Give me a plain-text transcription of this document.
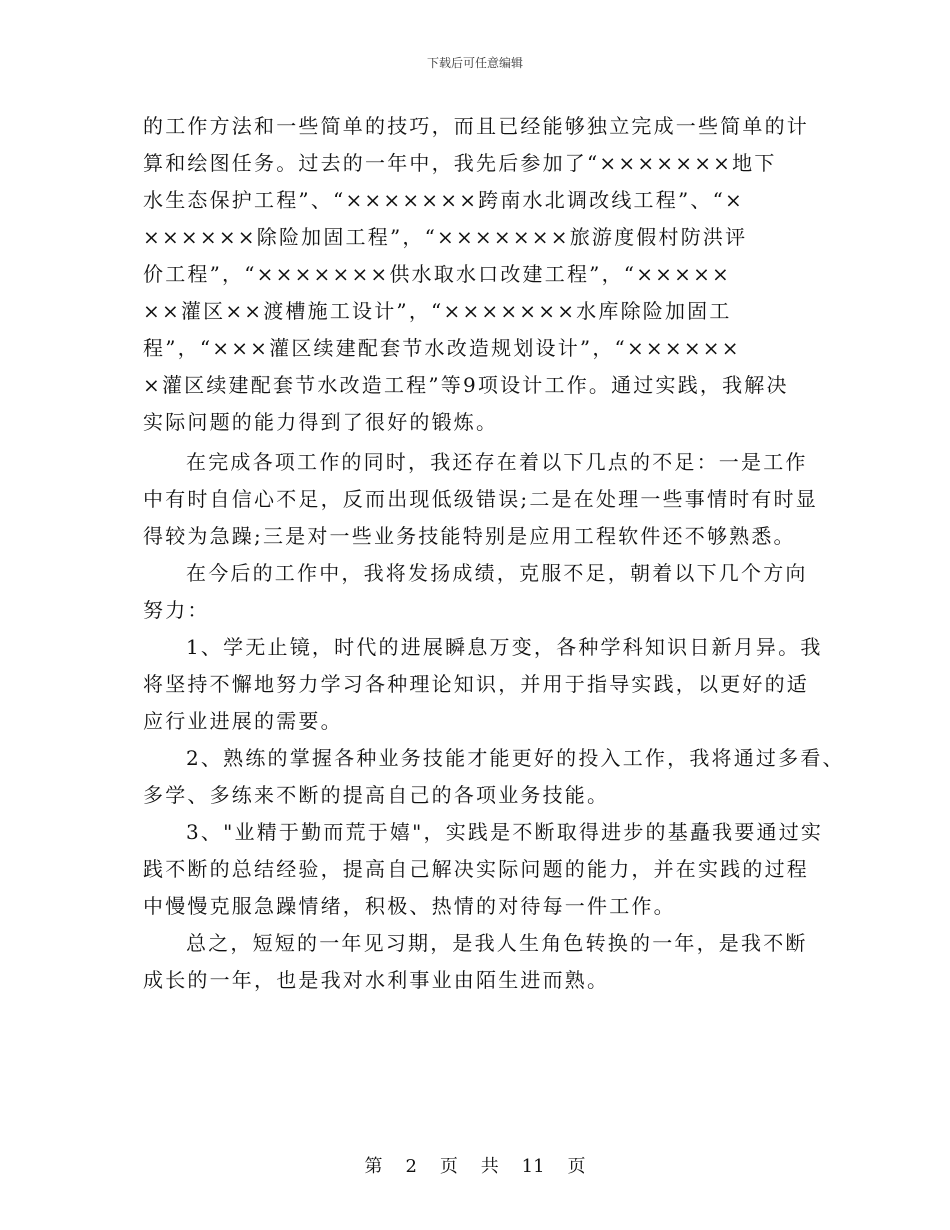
下载后可任意编辑
的工作方法和一些简单的技巧，而且已经能够独立完成一些简单的计
算和绘图任务。过去的一年中，我先后参加了“×××××××地下
水生态保护工程”、“×××××××跨南水北调改线工程”、“×
××××××除险加固工程”，“×××××××旅游度假村防洪评
价工程”，“×××××××供水取水口改建工程”，“×××××
××灌区××渡槽施工设计”，“×××××××水库除险加固工
程”，“×××灌区续建配套节水改造规划设计”，“××××××
×灌区续建配套节水改造工程”等9项设计工作。通过实践，我解决
实际问题的能力得到了很好的锻炼。
在完成各项工作的同时，我还存在着以下几点的不足：一是工作
中有时自信心不足，反而出现低级错误;二是在处理一些事情时有时显
得较为急躁;三是对一些业务技能特别是应用工程软件还不够熟悉。
在今后的工作中，我将发扬成绩，克服不足，朝着以下几个方向
努力：
1、学无止镜，时代的进展瞬息万变，各种学科知识日新月异。我
将坚持不懈地努力学习各种理论知识，并用于指导实践，以更好的适
应行业进展的需要。
2、熟练的掌握各种业务技能才能更好的投入工作，我将通过多看、
多学、多练来不断的提高自己的各项业务技能。
3、"业精于勤而荒于嬉"，实践是不断取得进步的基矗我要通过实
践不断的总结经验，提高自己解决实际问题的能力，并在实践的过程
中慢慢克服急躁情绪，积极、热情的对待每一件工作。
总之，短短的一年见习期，是我人生角色转换的一年，是我不断
成长的一年，也是我对水利事业由陌生进而熟。
第 2 页 共 11 页
